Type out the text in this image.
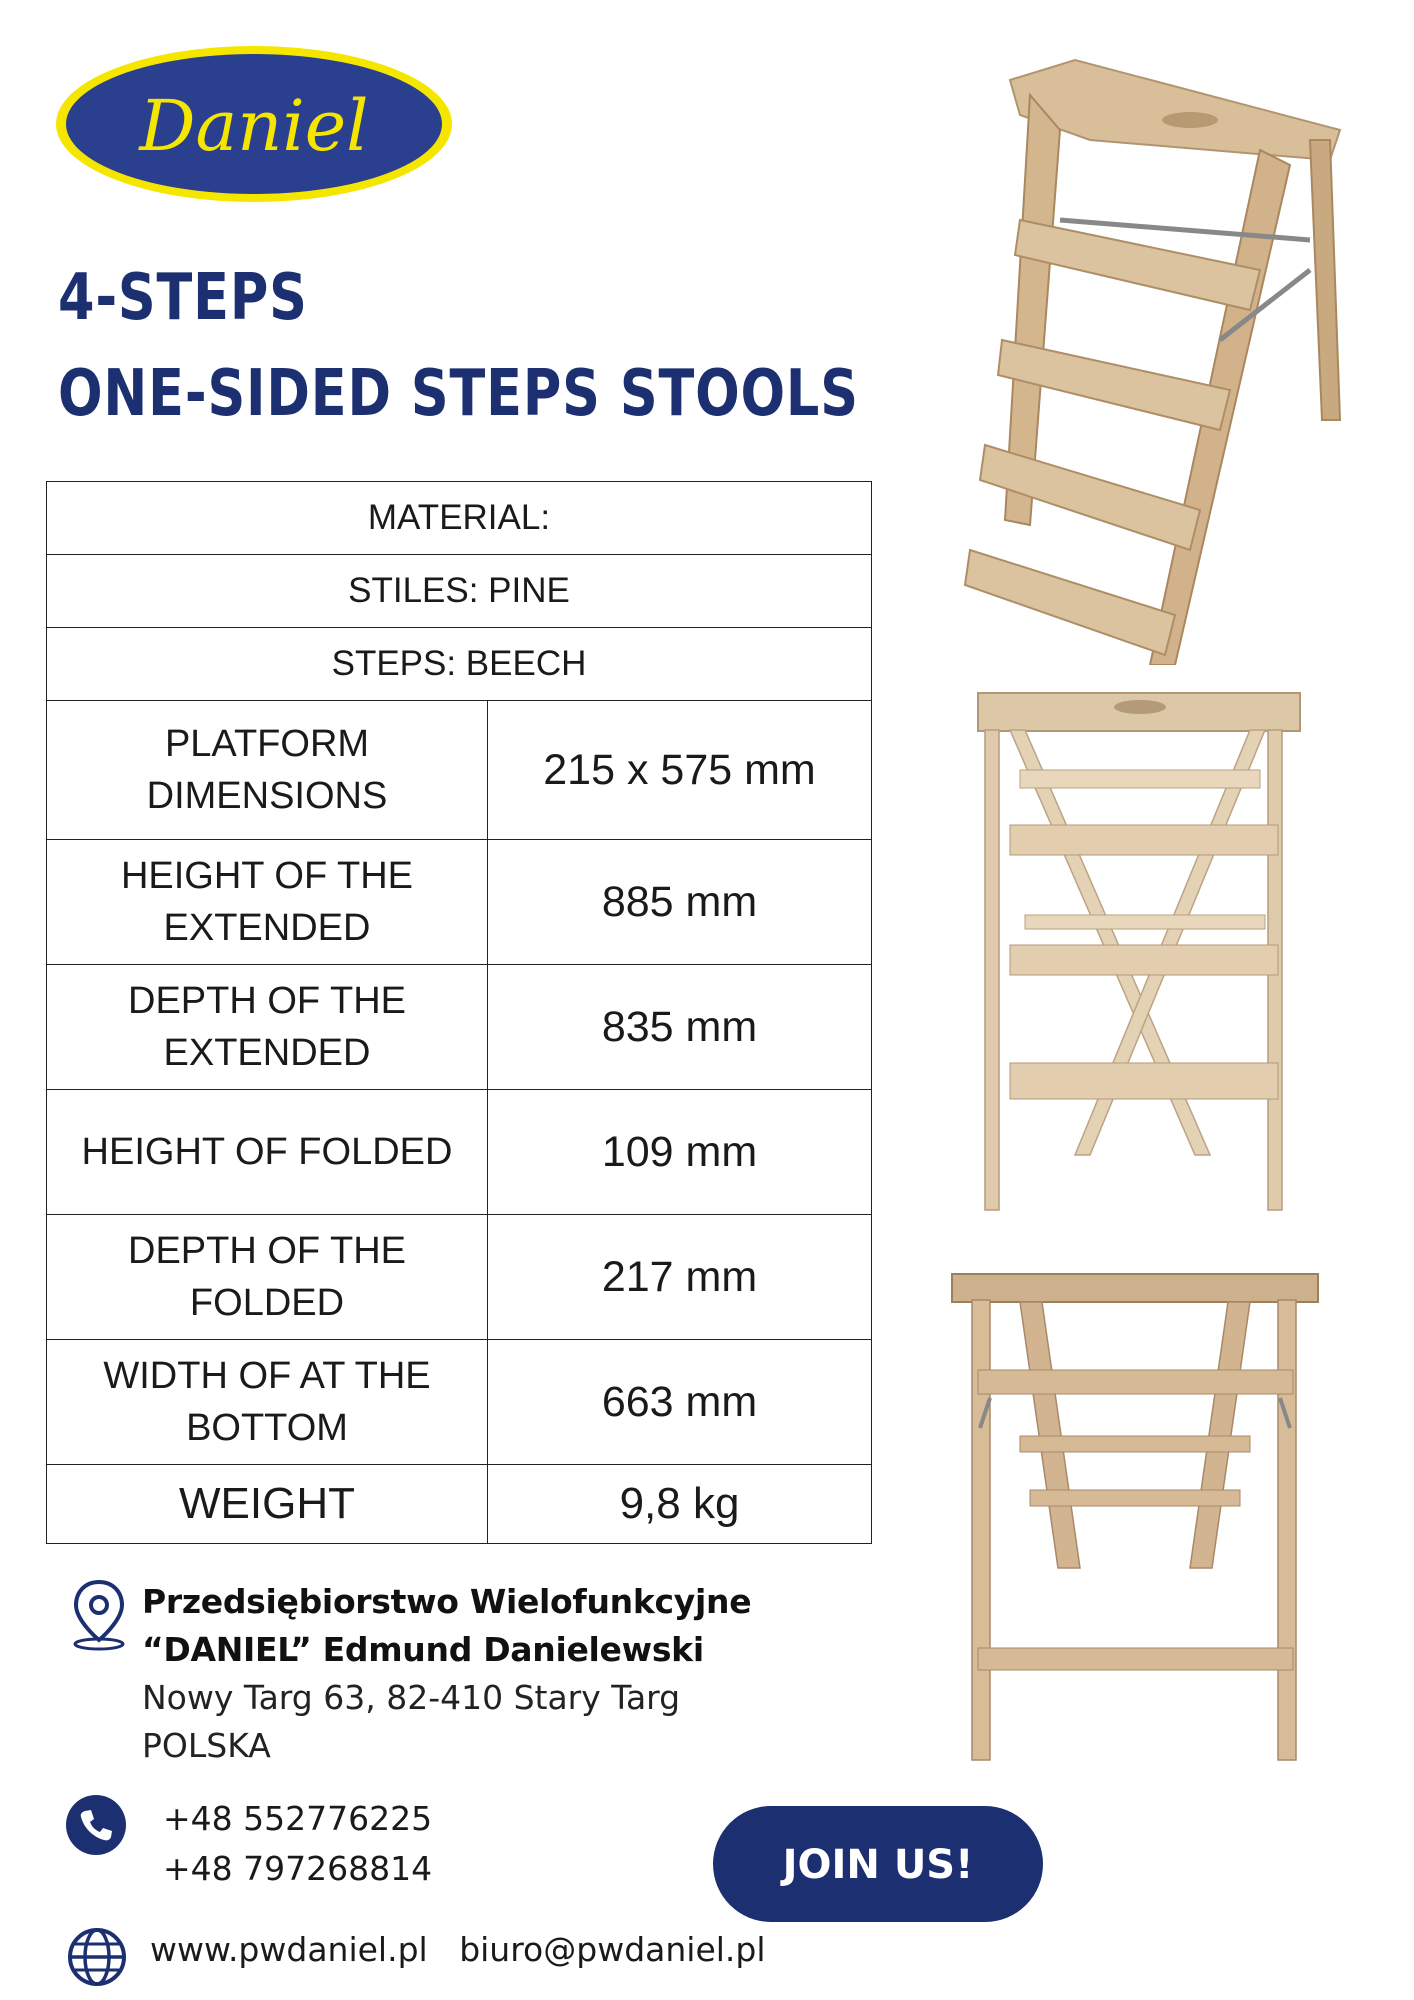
Daniel
4-STEPS
ONE-SIDED STEPS STOOLS
MATERIAL:	
STILES: PINE	
STEPS: BEECH	
PLATFORM DIMENSIONS	215 x 575 mm
HEIGHT OF THE EXTENDED	885 mm
DEPTH OF THE EXTENDED	835 mm
HEIGHT OF FOLDED	109 mm
DEPTH OF THE FOLDED	217 mm
WIDTH OF AT THE BOTTOM	663 mm
WEIGHT	9,8 kg
Przedsiębiorstwo Wielofunkcyjne
“DANIEL” Edmund Danielewski
Nowy Targ 63, 82-410 Stary Targ
POLSKA
+48 552776225
+48 797268814	JOIN US!
www.pwdaniel.pl biuro@pwdaniel.pl
